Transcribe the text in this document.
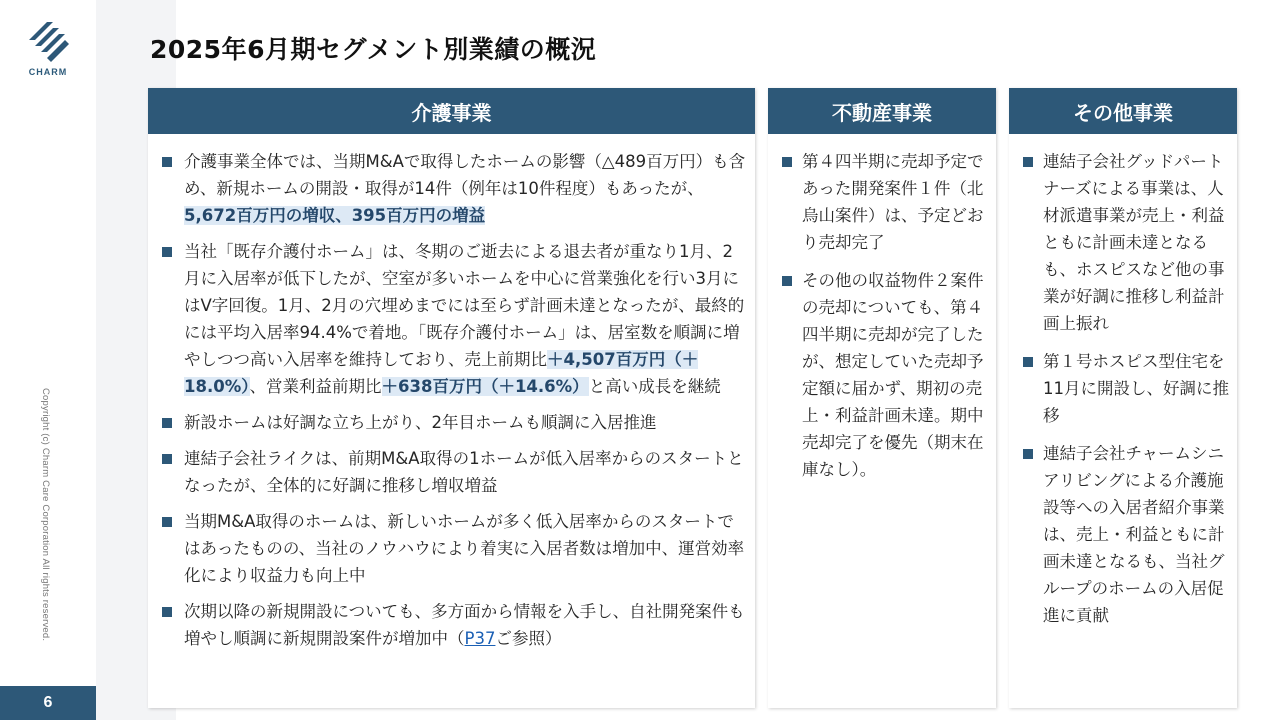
CHARM
Copyright (c) Charm Care Corporation All rights reserved.
6
2025年6月期セグメント別業績の概況
介護事業
介護事業全体では、当期M&Aで取得したホームの影響（△489百万円）も含め、新規ホームの開設・取得が14件（例年は10件程度）もあったが、5,672百万円の増収、395百万円の増益
当社「既存介護付ホーム」は、冬期のご逝去による退去者が重なり1月、2月に入居率が低下したが、空室が多いホームを中心に営業強化を行い3月にはV字回復。1月、2月の穴埋めまでには至らず計画未達となったが、最終的には平均入居率94.4%で着地。「既存介護付ホーム」は、居室数を順調に増やしつつ高い入居率を維持しており、売上前期比＋4,507百万円（＋18.0%）、営業利益前期比＋638百万円（＋14.6%）と高い成長を継続
新設ホームは好調な立ち上がり、2年目ホームも順調に入居推進
連結子会社ライクは、前期M&A取得の1ホームが低入居率からのスタートとなったが、全体的に好調に推移し増収増益
当期M&A取得のホームは、新しいホームが多く低入居率からのスタートではあったものの、当社のノウハウにより着実に入居者数は増加中、運営効率化により収益力も向上中
次期以降の新規開設についても、多方面から情報を入手し、自社開発案件も増やし順調に新規開設案件が増加中（P37ご参照）
不動産事業
第４四半期に売却予定であった開発案件１件（北烏山案件）は、予定どおり売却完了
その他の収益物件２案件の売却についても、第４四半期に売却が完了したが、想定していた売却予定額に届かず、期初の売上・利益計画未達。期中売却完了を優先（期末在庫なし）。
その他事業
連結子会社グッドパートナーズによる事業は、人材派遣事業が売上・利益ともに計画未達となるも、ホスピスなど他の事業が好調に推移し利益計画上振れ
第１号ホスピス型住宅を11月に開設し、好調に推移
連結子会社チャームシニアリビングによる介護施設等への入居者紹介事業は、売上・利益ともに計画未達となるも、当社グループのホームの入居促進に貢献
